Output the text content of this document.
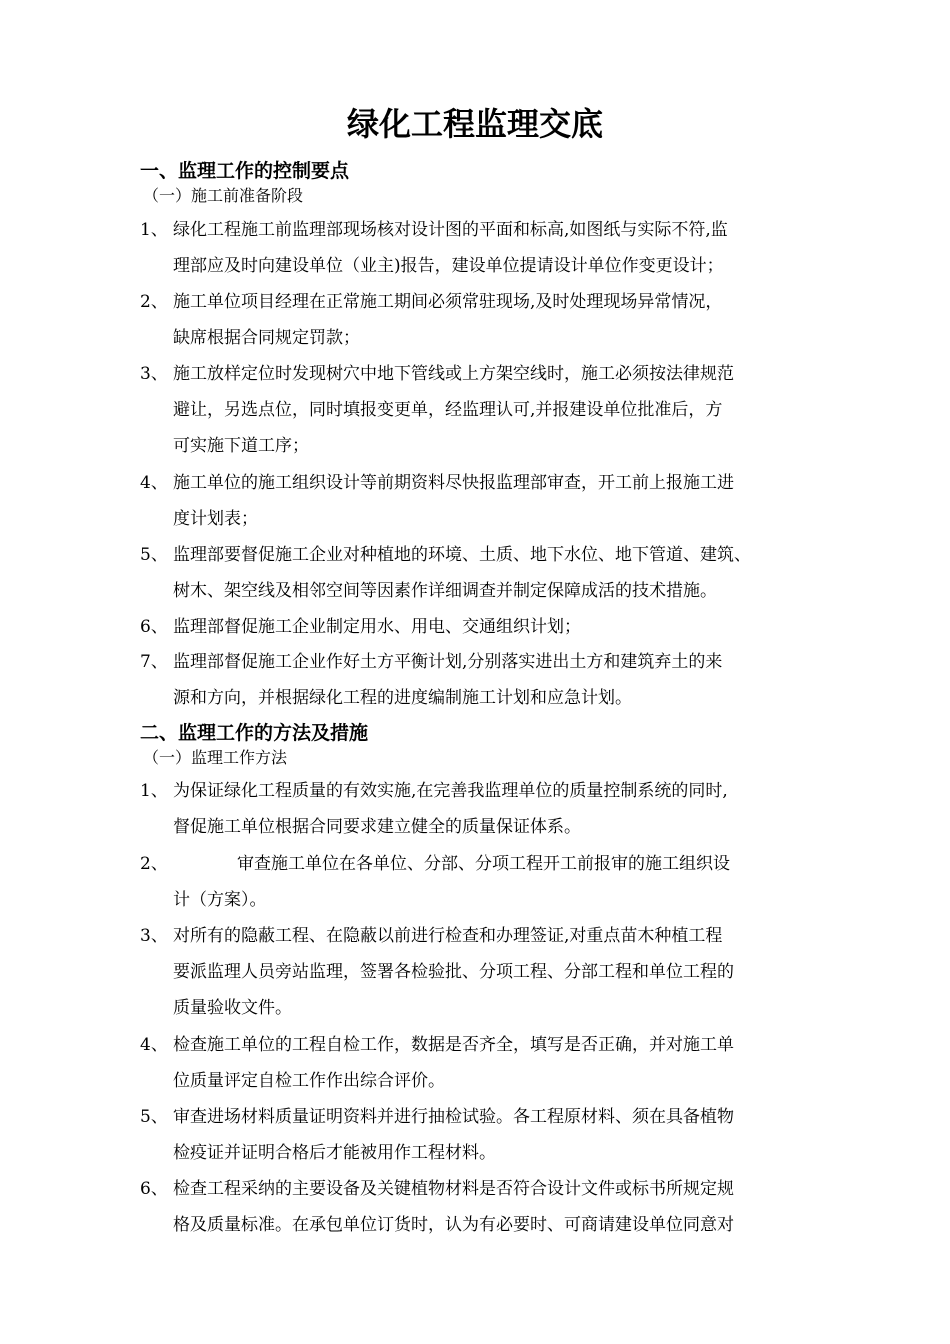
绿化工程监理交底
一、监理工作的控制要点
（一）施工前准备阶段
1、 绿化工程施工前监理部现场核对设计图的平面和标高,如图纸与实际不符,监
理部应及时向建设单位（业主)报告，建设单位提请设计单位作变更设计；
2、 施工单位项目经理在正常施工期间必须常驻现场,及时处理现场异常情况，
缺席根据合同规定罚款；
3、 施工放样定位时发现树穴中地下管线或上方架空线时，施工必须按法律规范
避让，另选点位，同时填报变更单，经监理认可,并报建设单位批准后，方
可实施下道工序；
4、 施工单位的施工组织设计等前期资料尽快报监理部审查，开工前上报施工进
度计划表；
5、 监理部要督促施工企业对种植地的环境、土质、地下水位、地下管道、建筑、
树木、架空线及相邻空间等因素作详细调查并制定保障成活的技术措施。
6、 监理部督促施工企业制定用水、用电、交通组织计划；
7、 监理部督促施工企业作好土方平衡计划,分别落实进出土方和建筑弃土的来
源和方向，并根据绿化工程的进度编制施工计划和应急计划。
二、监理工作的方法及措施
（一）监理工作方法
1、 为保证绿化工程质量的有效实施,在完善我监理单位的质量控制系统的同时,
督促施工单位根据合同要求建立健全的质量保证体系。
2、	审查施工单位在各单位、分部、分项工程开工前报审的施工组织设
计（方案）。
3、 对所有的隐蔽工程、在隐蔽以前进行检查和办理签证,对重点苗木种植工程
要派监理人员旁站监理，签署各检验批、分项工程、分部工程和单位工程的
质量验收文件。
4、 检查施工单位的工程自检工作，数据是否齐全，填写是否正确，并对施工单
位质量评定自检工作作出综合评价。
5、 审查进场材料质量证明资料并进行抽检试验。各工程原材料、须在具备植物
检疫证并证明合格后才能被用作工程材料。
6、 检查工程采纳的主要设备及关键植物材料是否符合设计文件或标书所规定规
格及质量标准。在承包单位订货时，认为有必要时、可商请建设单位同意对
